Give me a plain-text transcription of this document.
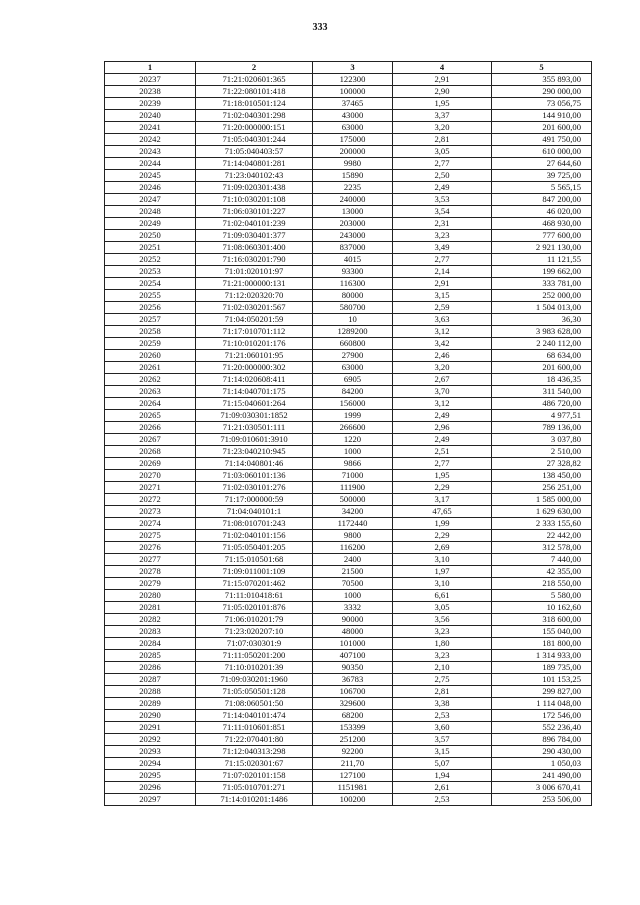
333
1	2	3	4	5
20237	71:21:020601:365	122300	2,91	355 893,00
20238	71:22:080101:418	100000	2,90	290 000,00
20239	71:18:010501:124	37465	1,95	73 056,75
20240	71:02:040301:298	43000	3,37	144 910,00
20241	71:20:000000:151	63000	3,20	201 600,00
20242	71:05:040301:244	175000	2,81	491 750,00
20243	71:05:040403:57	200000	3,05	610 000,00
20244	71:14:040801:281	9980	2,77	27 644,60
20245	71:23:040102:43	15890	2,50	39 725,00
20246	71:09:020301:438	2235	2,49	5 565,15
20247	71:10:030201:108	240000	3,53	847 200,00
20248	71:06:030101:227	13000	3,54	46 020,00
20249	71:02:040101:239	203000	2,31	468 930,00
20250	71:09:030401:377	243000	3,23	777 600,00
20251	71:08:060301:400	837000	3,49	2 921 130,00
20252	71:16:030201:790	4015	2,77	11 121,55
20253	71:01:020101:97	93300	2,14	199 662,00
20254	71:21:000000:131	116300	2,91	333 781,00
20255	71:12:020320:70	80000	3,15	252 000,00
20256	71:02:030201:567	580700	2,59	1 504 013,00
20257	71:04:050201:59	10	3,63	36,30
20258	71:17:010701:112	1289200	3,12	3 983 628,00
20259	71:10:010201:176	660800	3,42	2 240 112,00
20260	71:21:060101:95	27900	2,46	68 634,00
20261	71:20:000000:302	63000	3,20	201 600,00
20262	71:14:020608:411	6905	2,67	18 436,35
20263	71:14:040701:175	84200	3,70	311 540,00
20264	71:15:040601:264	156000	3,12	486 720,00
20265	71:09:030301:1852	1999	2,49	4 977,51
20266	71:21:030501:111	266600	2,96	789 136,00
20267	71:09:010601:3910	1220	2,49	3 037,80
20268	71:23:040210:945	1000	2,51	2 510,00
20269	71:14:040801:46	9866	2,77	27 328,82
20270	71:03:060101:136	71000	1,95	138 450,00
20271	71:02:030101:276	111900	2,29	256 251,00
20272	71:17:000000:59	500000	3,17	1 585 000,00
20273	71:04:040101:1	34200	47,65	1 629 630,00
20274	71:08:010701:243	1172440	1,99	2 333 155,60
20275	71:02:040101:156	9800	2,29	22 442,00
20276	71:05:050401:205	116200	2,69	312 578,00
20277	71:15:010501:68	2400	3,10	7 440,00
20278	71:09:011001:109	21500	1,97	42 355,00
20279	71:15:070201:462	70500	3,10	218 550,00
20280	71:11:010418:61	1000	6,61	5 580,00
20281	71:05:020101:876	3332	3,05	10 162,60
20282	71:06:010201:79	90000	3,56	318 600,00
20283	71:23:020207:10	48000	3,23	155 040,00
20284	71:07:030301:9	101000	1,80	181 800,00
20285	71:11:050201:200	407100	3,23	1 314 933,00
20286	71:10:010201:39	90350	2,10	189 735,00
20287	71:09:030201:1960	36783	2,75	101 153,25
20288	71:05:050501:128	106700	2,81	299 827,00
20289	71:08:060501:50	329600	3,38	1 114 048,00
20290	71:14:040101:474	68200	2,53	172 546,00
20291	71:11:010601:851	153399	3,60	552 236,40
20292	71:22:070401:80	251200	3,57	896 784,00
20293	71:12:040313:298	92200	3,15	290 430,00
20294	71:15:020301:67	211,70	5,07	1 050,03
20295	71:07:020101:158	127100	1,94	241 490,00
20296	71:05:010701:271	1151981	2,61	3 006 670,41
20297	71:14:010201:1486	100200	2,53	253 506,00
